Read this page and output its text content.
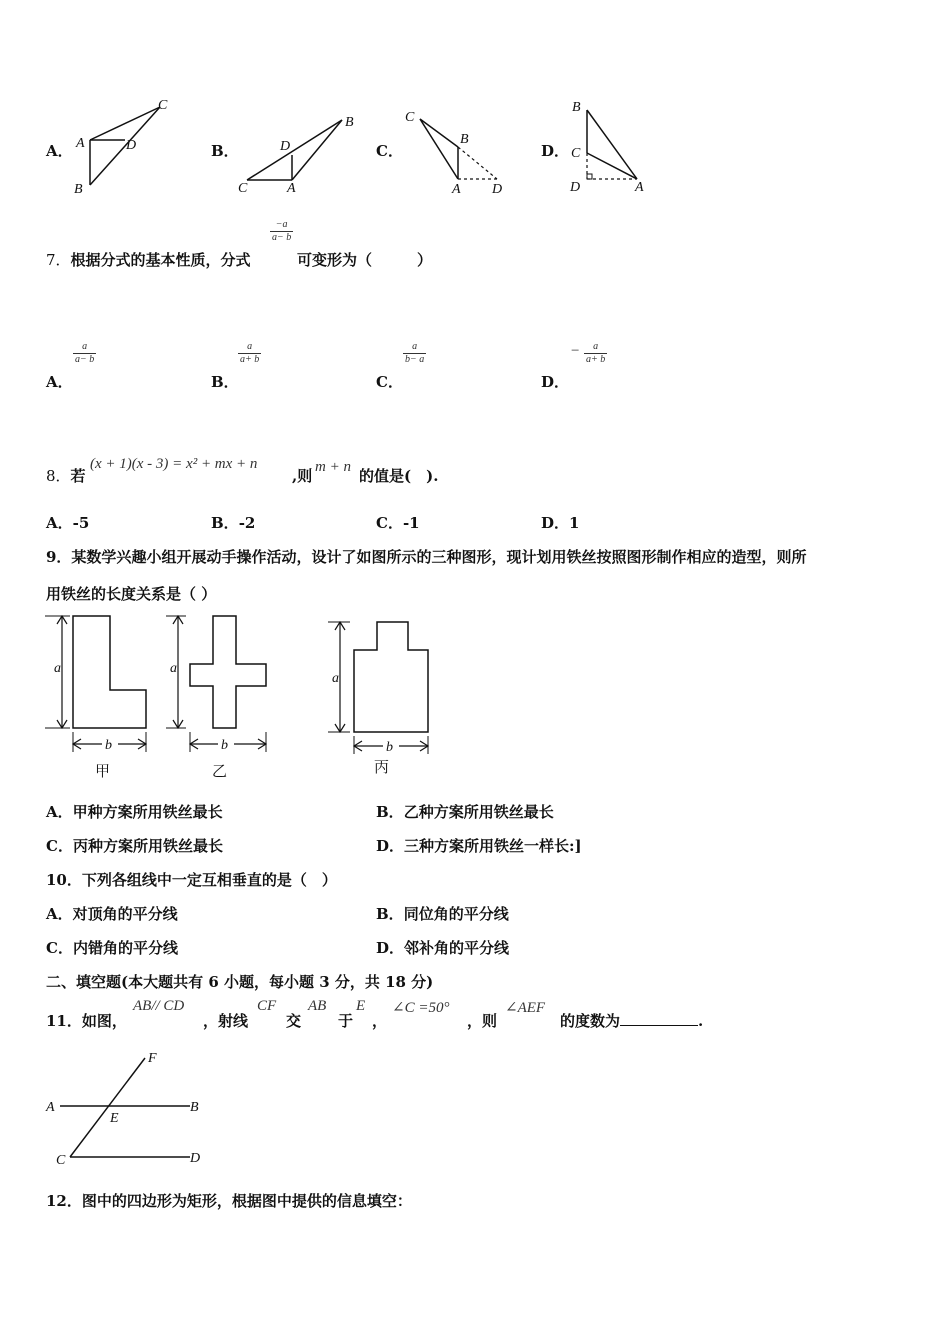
A． A
B
C
D	B．	D
B
C	A
C．
C
B
A D
D．
B
C
D	A
7．根据分式的基本性质，分式
$\frac{-a}{a- b}$
可变形为（　　　）
A．
$\frac{a}{a- b}$
B．
$\frac{a}{a+ b}$
C．
$\frac{a}{b- a}$
D．
− $\frac{a}{a+ b}$
8．若
(x + 1)(x - 3) = x² + mx + n
,则 m + n 的值是(　).
A．-5	B．-2	C．-1	D．1
9．某数学兴趣小组开展动手操作活动，设计了如图所示的三种图形，现计划用铁丝按照图形制作相应的造型，则所
用铁丝的长度关系是（ ）
a
b
甲
a
b
乙
a
b
丙
A．甲种方案所用铁丝最长	B．乙种方案所用铁丝最长
C．丙种方案所用铁丝最长	D．三种方案所用铁丝一样长:]
10．下列各组线中一定互相垂直的是（　）
A．对顶角的平分线	B．同位角的平分线
C．内错角的平分线	D．邻补角的平分线
二、填空题(本大题共有 6 小题，每小题 3 分，共 18 分)
11．如图，
AB// CD
，射线
CF
交
AB
于
E
，
∠C =50°
，则
∠AEF
的度数为	.
F
A
E
B
C	D
12．图中的四边形为矩形，根据图中提供的信息填空：
